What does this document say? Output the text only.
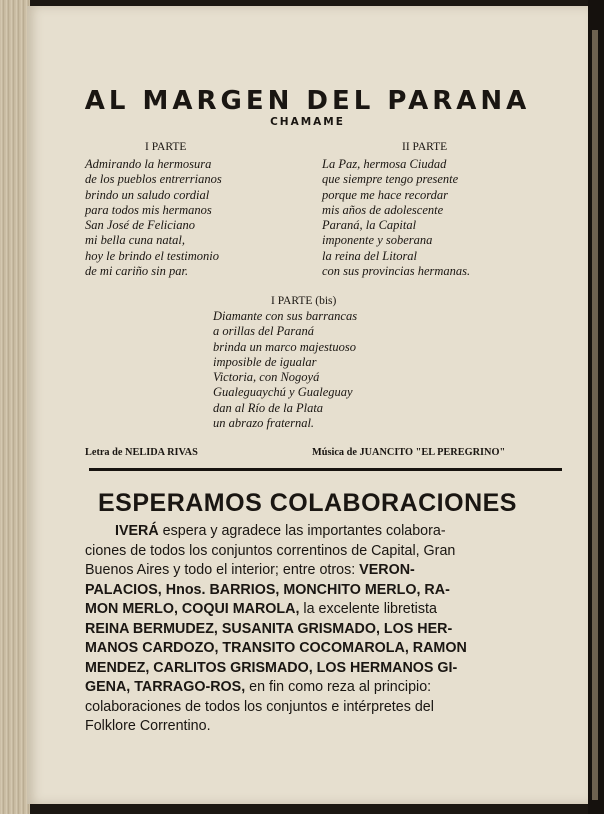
AL MARGEN DEL PARANA
CHAMAME
I PARTE
Admirando la hermosura
de los pueblos entrerrianos
brindo un saludo cordial
para todos mis hermanos
San José de Feliciano
mi bella cuna natal,
hoy le brindo el testimonio
de mi cariño sin par.
II PARTE
La Paz, hermosa Ciudad
que siempre tengo presente
porque me hace recordar
mis años de adolescente
Paraná, la Capital
imponente y soberana
la reina del Litoral
con sus provincias hermanas.
I PARTE (bis)
Diamante con sus barrancas
a orillas del Paraná
brinda un marco majestuoso
imposible de igualar
Victoria, con Nogoyá
Gualeguaychú y Gualeguay
dan al Río de la Plata
un abrazo fraternal.
Letra de NELIDA RIVAS	Música de JUANCITO "EL PEREGRINO"
ESPERAMOS COLABORACIONES
IVERÁ espera y agradece las importantes colabora-
ciones de todos los conjuntos correntinos de Capital, Gran
Buenos Aires y todo el interior; entre otros: VERON-
PALACIOS, Hnos. BARRIOS, MONCHITO MERLO, RA-
MON MERLO, COQUI MAROLA, la excelente libretista
REINA BERMUDEZ, SUSANITA GRISMADO, LOS HER-
MANOS CARDOZO, TRANSITO COCOMAROLA, RAMON
MENDEZ, CARLITOS GRISMADO, LOS HERMANOS GI-
GENA, TARRAGO-ROS, en fin como reza al principio:
colaboraciones de todos los conjuntos e intérpretes del
Folklore Correntino.
